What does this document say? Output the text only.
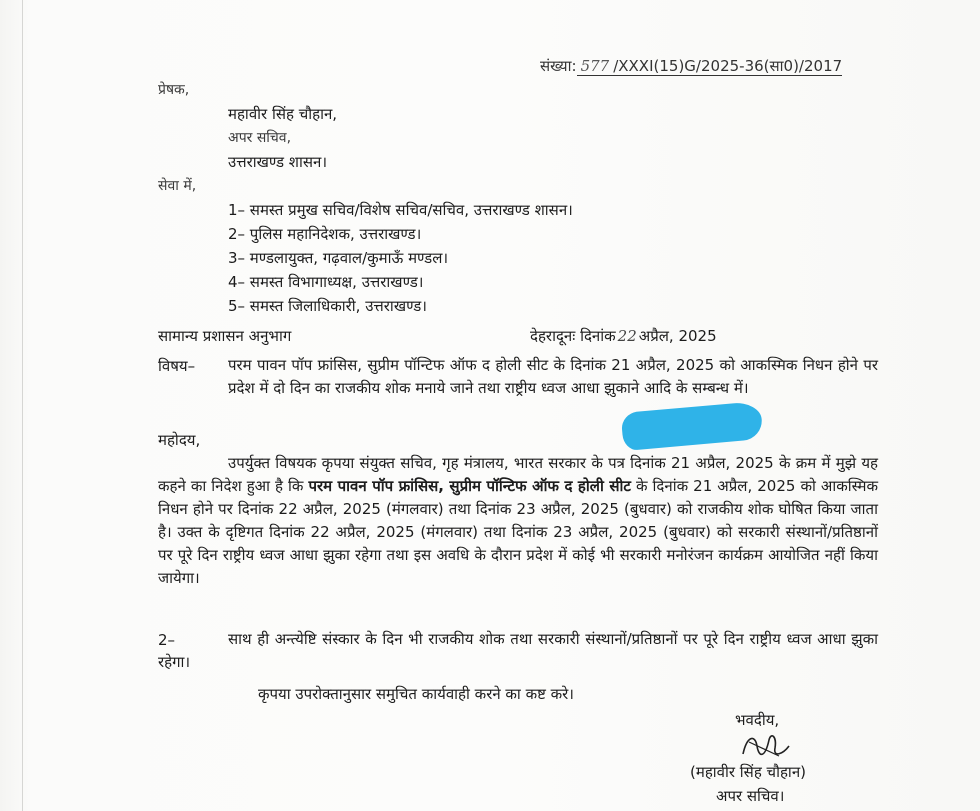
संख्या: 577 /XXXI(15)G/2025-36(सा0)/2017
प्रेषक,
महावीर सिंह चौहान,
अपर सचिव,
उत्तराखण्ड शासन।
सेवा में,
1– समस्त प्रमुख सचिव/विशेष सचिव/सचिव, उत्तराखण्ड शासन।
2– पुलिस महानिदेशक, उत्तराखण्ड।
3– मण्डलायुक्त, गढ़वाल/कुमाऊँ मण्डल।
4– समस्त विभागाध्यक्ष, उत्तराखण्ड।
5– समस्त जिलाधिकारी, उत्तराखण्ड।
सामान्य प्रशासन अनुभाग	देहरादूनः दिनांक 22 अप्रैल, 2025
विषय– परम पावन पॉप फ्रांसिस, सुप्रीम पॉन्टिफ ऑफ द होली सीट के दिनांक 21 अप्रैल, 2025 को आकस्मिक निधन होने पर प्रदेश में दो दिन का राजकीय शोक मनाये जाने तथा राष्ट्रीय ध्वज आधा झुकाने आदि के सम्बन्ध में।
महोदय,
उपर्युक्त विषयक कृपया संयुक्त सचिव, गृह मंत्रालय, भारत सरकार के पत्र दिनांक 21 अप्रैल, 2025 के क्रम में मुझे यह कहने का निदेश हुआ है कि परम पावन पॉप फ्रांसिस, सुप्रीम पॉन्टिफ ऑफ द होली सीट के दिनांक 21 अप्रैल, 2025 को आकस्मिक निधन होने पर दिनांक 22 अप्रैल, 2025 (मंगलवार) तथा दिनांक 23 अप्रैल, 2025 (बुधवार) को राजकीय शोक घोषित किया जाता है। उक्त के दृष्टिगत दिनांक 22 अप्रैल, 2025 (मंगलवार) तथा दिनांक 23 अप्रैल, 2025 (बुधवार) को सरकारी संस्थानों/प्रतिष्ठानों पर पूरे दिन राष्ट्रीय ध्वज आधा झुका रहेगा तथा इस अवधि के दौरान प्रदेश में कोई भी सरकारी मनोरंजन कार्यक्रम आयोजित नहीं किया जायेगा।
2–	साथ ही अन्त्येष्टि संस्कार के दिन भी राजकीय शोक तथा सरकारी संस्थानों/प्रतिष्ठानों पर पूरे दिन राष्ट्रीय ध्वज आधा झुका रहेगा।
कृपया उपरोक्तानुसार समुचित कार्यवाही करने का कष्ट करे।
भवदीय,
(महावीर सिंह चौहान)
अपर सचिव।
